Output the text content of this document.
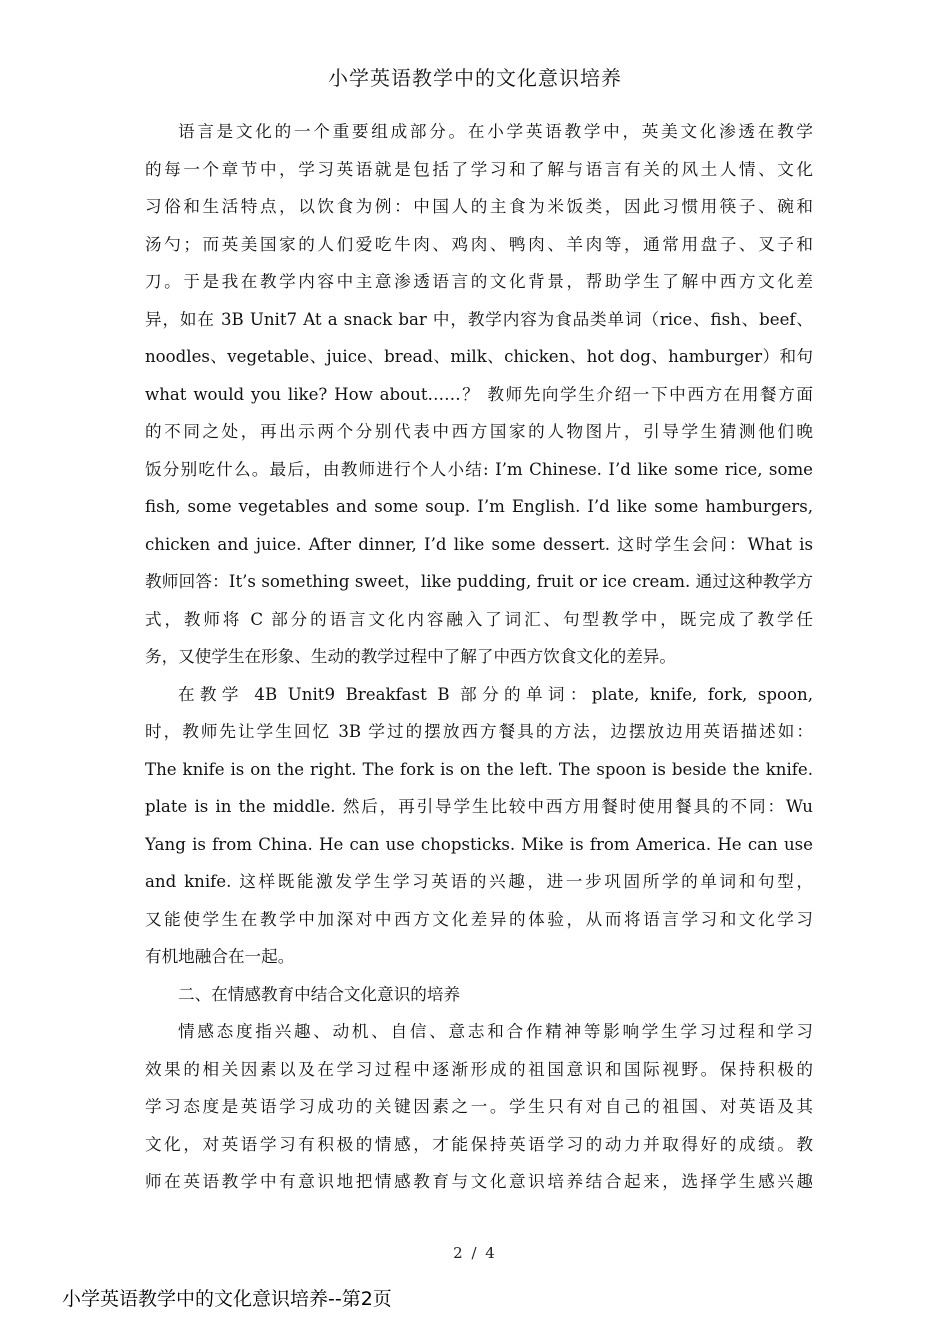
小学英语教学中的文化意识培养
语言是文化的一个重要组成部分。在小学英语教学中，英美文化渗透在教学
的每一个章节中，学习英语就是包括了学习和了解与语言有关的风土人情、文化
习俗和生活特点，以饮食为例：中国人的主食为米饭类，因此习惯用筷子、碗和
汤勺；而英美国家的人们爱吃牛肉、鸡肉、鸭肉、羊肉等，通常用盘子、叉子和
刀。于是我在教学内容中主意渗透语言的文化背景，帮助学生了解中西方文化差
异，如在 3B Unit7 At a snack bar 中，教学内容为食品类单词（rice、fish、beef、
noodles、vegetable、juice、bread、milk、chicken、hot dog、hamburger）和句
what would you like? How about……？ 教师先向学生介绍一下中西方在用餐方面
的不同之处，再出示两个分别代表中西方国家的人物图片，引导学生猜测他们晚
饭分别吃什么。最后，由教师进行个人小结: I’m Chinese. I’d like some rice, some
fish, some vegetables and some soup. I’m English. I’d like some hamburgers,
chicken and juice. After dinner, I’d like some dessert. 这时学生会问：What is
教师回答：It’s something sweet，like pudding, fruit or ice cream. 通过这种教学方
式，教师将 C 部分的语言文化内容融入了词汇、句型教学中，既完成了教学任
务，又使学生在形象、生动的教学过程中了解了中西方饮食文化的差异。
在教学 4B Unit9 Breakfast B 部分的单词：plate, knife, fork, spoon,
时，教师先让学生回忆 3B 学过的摆放西方餐具的方法，边摆放边用英语描述如：
The knife is on the right. The fork is on the left. The spoon is beside the knife.
plate is in the middle. 然后，再引导学生比较中西方用餐时使用餐具的不同：Wu
Yang is from China. He can use chopsticks. Mike is from America. He can use
and knife. 这样既能激发学生学习英语的兴趣，进一步巩固所学的单词和句型，
又能使学生在教学中加深对中西方文化差异的体验，从而将语言学习和文化学习
有机地融合在一起。
二、在情感教育中结合文化意识的培养
情感态度指兴趣、动机、自信、意志和合作精神等影响学生学习过程和学习
效果的相关因素以及在学习过程中逐渐形成的祖国意识和国际视野。保持积极的
学习态度是英语学习成功的关键因素之一。学生只有对自己的祖国、对英语及其
文化，对英语学习有积极的情感，才能保持英语学习的动力并取得好的成绩。教
师在英语教学中有意识地把情感教育与文化意识培养结合起来，选择学生感兴趣
2 / 4
小学英语教学中的文化意识培养--第2页
